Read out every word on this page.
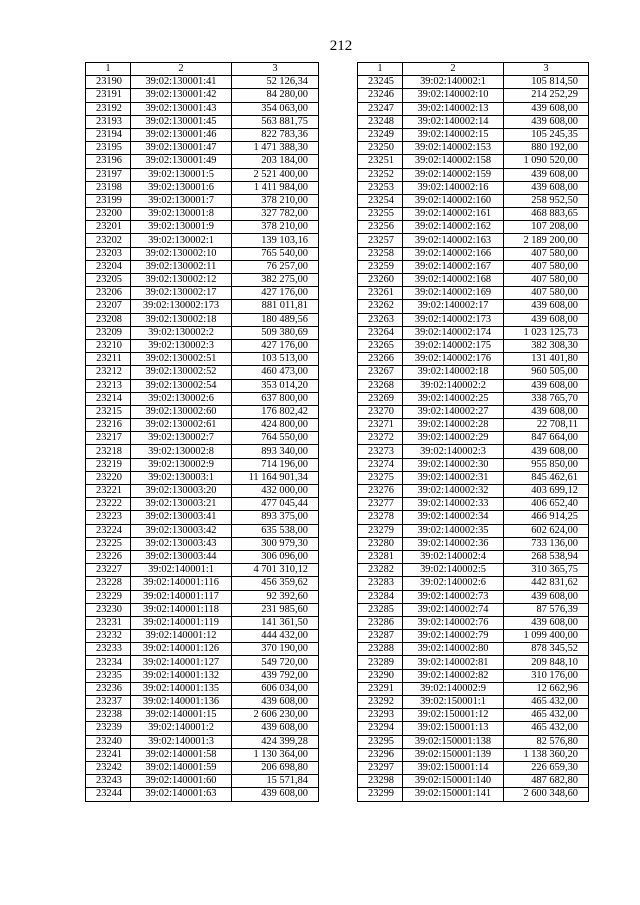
212
1	2	3
23190	39:02:130001:41	52 126,34
23191	39:02:130001:42	84 280,00
23192	39:02:130001:43	354 063,00
23193	39:02:130001:45	563 881,75
23194	39:02:130001:46	822 783,36
23195	39:02:130001:47	1 471 388,30
23196	39:02:130001:49	203 184,00
23197	39:02:130001:5	2 521 400,00
23198	39:02:130001:6	1 411 984,00
23199	39:02:130001:7	378 210,00
23200	39:02:130001:8	327 782,00
23201	39:02:130001:9	378 210,00
23202	39:02:130002:1	139 103,16
23203	39:02:130002:10	765 540,00
23204	39:02:130002:11	76 257,00
23205	39:02:130002:12	382 275,00
23206	39:02:130002:17	427 176,00
23207	39:02:130002:173	881 011,81
23208	39:02:130002:18	180 489,56
23209	39:02:130002:2	509 380,69
23210	39:02:130002:3	427 176,00
23211	39:02:130002:51	103 513,00
23212	39:02:130002:52	460 473,00
23213	39:02:130002:54	353 014,20
23214	39:02:130002:6	637 800,00
23215	39:02:130002:60	176 802,42
23216	39:02:130002:61	424 800,00
23217	39:02:130002:7	764 550,00
23218	39:02:130002:8	893 340,00
23219	39:02:130002:9	714 196,00
23220	39:02:130003:1	11 164 901,34
23221	39:02:130003:20	432 000,00
23222	39:02:130003:21	477 045,44
23223	39:02:130003:41	893 375,00
23224	39:02:130003:42	635 538,00
23225	39:02:130003:43	300 979,30
23226	39:02:130003:44	306 096,00
23227	39:02:140001:1	4 701 310,12
23228	39:02:140001:116	456 359,62
23229	39:02:140001:117	92 392,60
23230	39:02:140001:118	231 985,60
23231	39:02:140001:119	141 361,50
23232	39:02:140001:12	444 432,00
23233	39:02:140001:126	370 190,00
23234	39:02:140001:127	549 720,00
23235	39:02:140001:132	439 792,00
23236	39:02:140001:135	606 034,00
23237	39:02:140001:136	439 608,00
23238	39:02:140001:15	2 606 230,00
23239	39:02:140001:2	439 608,00
23240	39:02:140001:3	424 399,28
23241	39:02:140001:58	1 130 364,00
23242	39:02:140001:59	206 698,80
23243	39:02:140001:60	15 571,84
23244	39:02:140001:63	439 608,00
1	2	3
23245	39:02:140002:1	105 814,50
23246	39:02:140002:10	214 252,29
23247	39:02:140002:13	439 608,00
23248	39:02:140002:14	439 608,00
23249	39:02:140002:15	105 245,35
23250	39:02:140002:153	880 192,00
23251	39:02:140002:158	1 090 520,00
23252	39:02:140002:159	439 608,00
23253	39:02:140002:16	439 608,00
23254	39:02:140002:160	258 952,50
23255	39:02:140002:161	468 883,65
23256	39:02:140002:162	107 208,00
23257	39:02:140002:163	2 189 200,00
23258	39:02:140002:166	407 580,00
23259	39:02:140002:167	407 580,00
23260	39:02:140002:168	407 580,00
23261	39:02:140002:169	407 580,00
23262	39:02:140002:17	439 608,00
23263	39:02:140002:173	439 608,00
23264	39:02:140002:174	1 023 125,73
23265	39:02:140002:175	382 308,30
23266	39:02:140002:176	131 401,80
23267	39:02:140002:18	960 505,00
23268	39:02:140002:2	439 608,00
23269	39:02:140002:25	338 765,70
23270	39:02:140002:27	439 608,00
23271	39:02:140002:28	22 708,11
23272	39:02:140002:29	847 664,00
23273	39:02:140002:3	439 608,00
23274	39:02:140002:30	955 850,00
23275	39:02:140002:31	845 462,61
23276	39:02:140002:32	403 699,12
23277	39:02:140002:33	406 652,40
23278	39:02:140002:34	466 914,25
23279	39:02:140002:35	602 624,00
23280	39:02:140002:36	733 136,00
23281	39:02:140002:4	268 538,94
23282	39:02:140002:5	310 365,75
23283	39:02:140002:6	442 831,62
23284	39:02:140002:73	439 608,00
23285	39:02:140002:74	87 576,39
23286	39:02:140002:76	439 608,00
23287	39:02:140002:79	1 099 400,00
23288	39:02:140002:80	878 345,52
23289	39:02:140002:81	209 848,10
23290	39:02:140002:82	310 176,00
23291	39:02:140002:9	12 662,96
23292	39:02:150001:1	465 432,00
23293	39:02:150001:12	465 432,00
23294	39:02:150001:13	465 432,00
23295	39:02:150001:138	82 576,80
23296	39:02:150001:139	1 138 360,20
23297	39:02:150001:14	226 659,30
23298	39:02:150001:140	487 682,80
23299	39:02:150001:141	2 600 348,60
